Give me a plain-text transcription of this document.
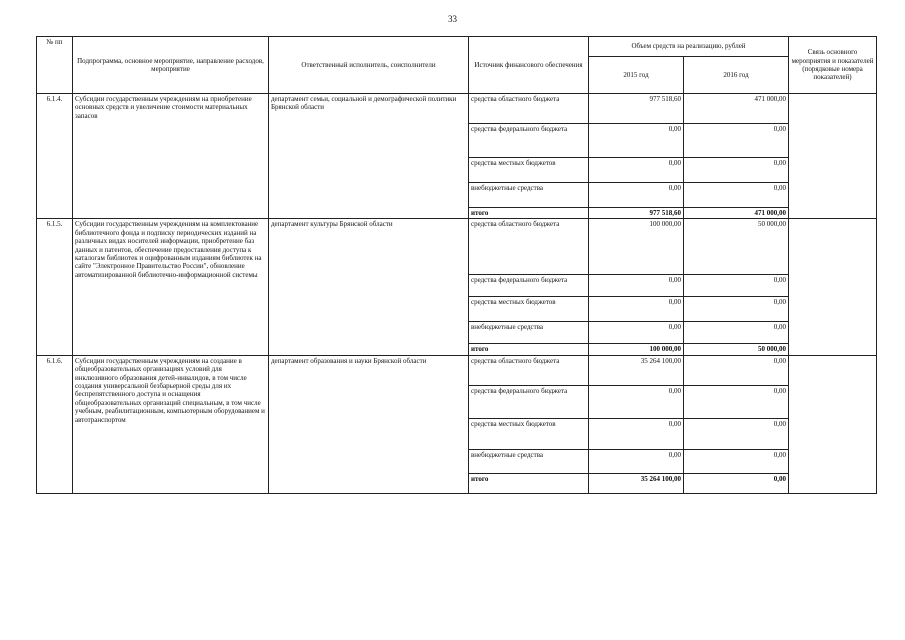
33
№ пп	Подпрограмма, основное мероприятие, направление расходов, мероприятие	Ответственный исполнитель, соисполнители	Источник финансового обеспечения	Объем средств на реализацию, рублей		Связь основного мероприятия и показателей (порядковые номера показателей)
				2015 год	2016 год	
6.1.4.	Субсидии государственным учреждениям на приобретение основных средств и увеличение стоимости материальных запасов	департамент семьи, социальной и демографической политики Брянской области	средства областного бюджета	977 518,60	471 000,00	
			средства федерального бюджета	0,00	0,00	
			средства местных бюджетов	0,00	0,00	
			внебюджетные средства	0,00	0,00	
			итого	977 518,60	471 000,00	
6.1.5.	Субсидии государственным учреждениям на комплектование библиотечного фонда и подписку периодических изданий на различных видах носителей информации, приобретение баз данных и патентов, обеспечение предоставления доступа к каталогам библиотек и оцифрованным изданиям библиотек на сайте "Электронное Правительство России", обновление автоматизированной библиотечно-информационной системы	департамент культуры Брянской области	средства областного бюджета	100 000,00	50 000,00	
			средства федерального бюджета	0,00	0,00	
			средства местных бюджетов	0,00	0,00	
			внебюджетные средства	0,00	0,00	
			итого	100 000,00	50 000,00	
6.1.6.	Субсидии государственным учреждениям на создание в общеобразовательных организациях условий для инклюзивного образования детей-инвалидов, в том числе создания универсальной безбарьерной среды для их беспрепятственного доступа и оснащения общеобразовательных организаций специальным, в том числе учебным, реабилитационным, компьютерным оборудованием и автотранспортом	департамент образования и науки Брянской области	средства областного бюджета	35 264 100,00	0,00	
			средства федерального бюджета	0,00	0,00	
			средства местных бюджетов	0,00	0,00	
			внебюджетные средства	0,00	0,00	
			итого	35 264 100,00	0,00	
